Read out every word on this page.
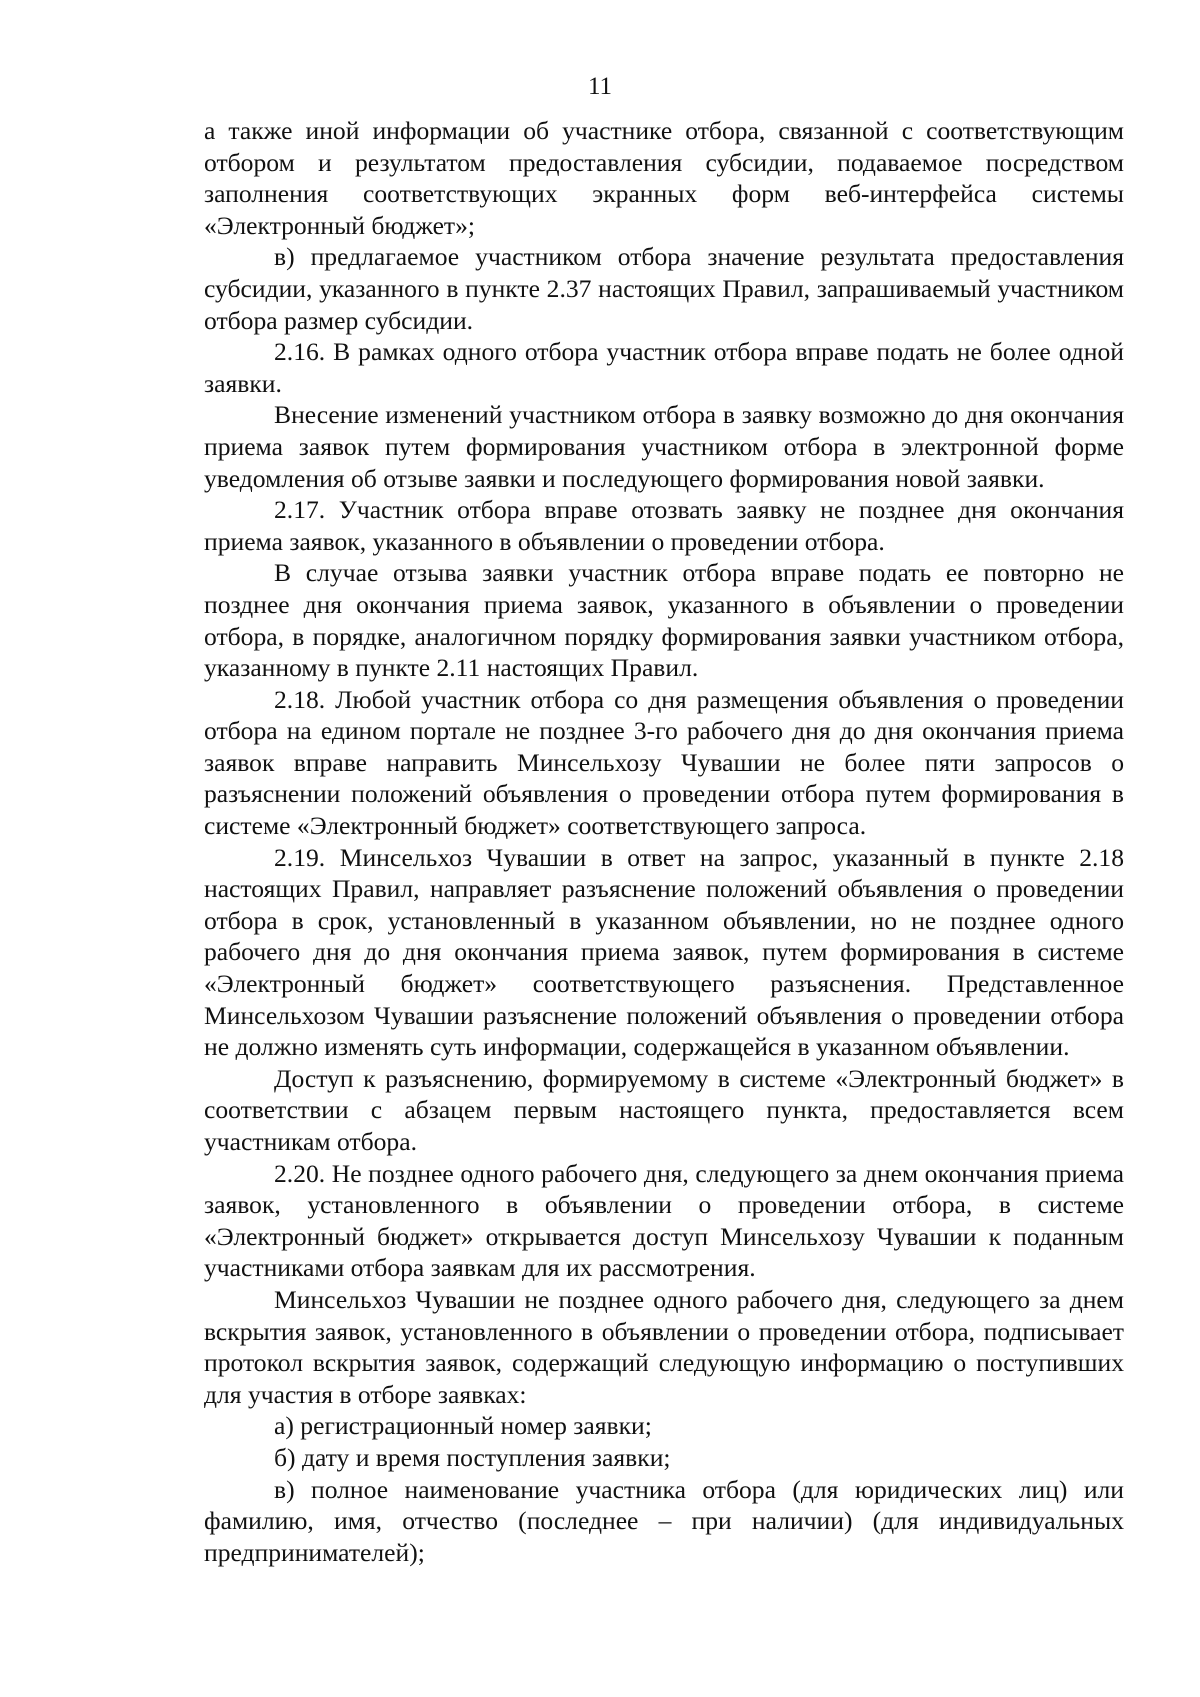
11

а также иной информации об участнике отбора, связанной с соответствующим отбором и результатом предоставления субсидии, подаваемое посредством заполнения соответствующих экранных форм веб-интерфейса системы «Электронный бюджет»;

в) предлагаемое участником отбора значение результата предоставления субсидии, указанного в пункте 2.37 настоящих Правил, запрашиваемый участником отбора размер субсидии.

2.16. В рамках одного отбора участник отбора вправе подать не более одной заявки.

Внесение изменений участником отбора в заявку возможно до дня окончания приема заявок путем формирования участником отбора в электронной форме уведомления об отзыве заявки и последующего формирования новой заявки.

2.17. Участник отбора вправе отозвать заявку не позднее дня окончания приема заявок, указанного в объявлении о проведении отбора.

В случае отзыва заявки участник отбора вправе подать ее повторно не позднее дня окончания приема заявок, указанного в объявлении о проведении отбора, в порядке, аналогичном порядку формирования заявки участником отбора, указанному в пункте 2.11 настоящих Правил.

2.18. Любой участник отбора со дня размещения объявления о проведении отбора на едином портале не позднее 3-го рабочего дня до дня окончания приема заявок вправе направить Минсельхозу Чувашии не более пяти запросов о разъяснении положений объявления о проведении отбора путем формирования в системе «Электронный бюджет» соответствующего запроса.

2.19. Минсельхоз Чувашии в ответ на запрос, указанный в пункте 2.18 настоящих Правил, направляет разъяснение положений объявления о проведении отбора в срок, установленный в указанном объявлении, но не позднее одного рабочего дня до дня окончания приема заявок, путем формирования в системе «Электронный бюджет» соответствующего разъяснения. Представленное Минсельхозом Чувашии разъяснение положений объявления о проведении отбора не должно изменять суть информации, содержащейся в указанном объявлении.

Доступ к разъяснению, формируемому в системе «Электронный бюджет» в соответствии с абзацем первым настоящего пункта, предоставляется всем участникам отбора.

2.20. Не позднее одного рабочего дня, следующего за днем окончания приема заявок, установленного в объявлении о проведении отбора, в системе «Электронный бюджет» открывается доступ Минсельхозу Чувашии к поданным участниками отбора заявкам для их рассмотрения.

Минсельхоз Чувашии не позднее одного рабочего дня, следующего за днем вскрытия заявок, установленного в объявлении о проведении отбора, подписывает протокол вскрытия заявок, содержащий следующую информацию о поступивших для участия в отборе заявках:

а) регистрационный номер заявки;

б) дату и время поступления заявки;

в) полное наименование участника отбора (для юридических лиц) или фамилию, имя, отчество (последнее – при наличии) (для индивидуальных предпринимателей);
